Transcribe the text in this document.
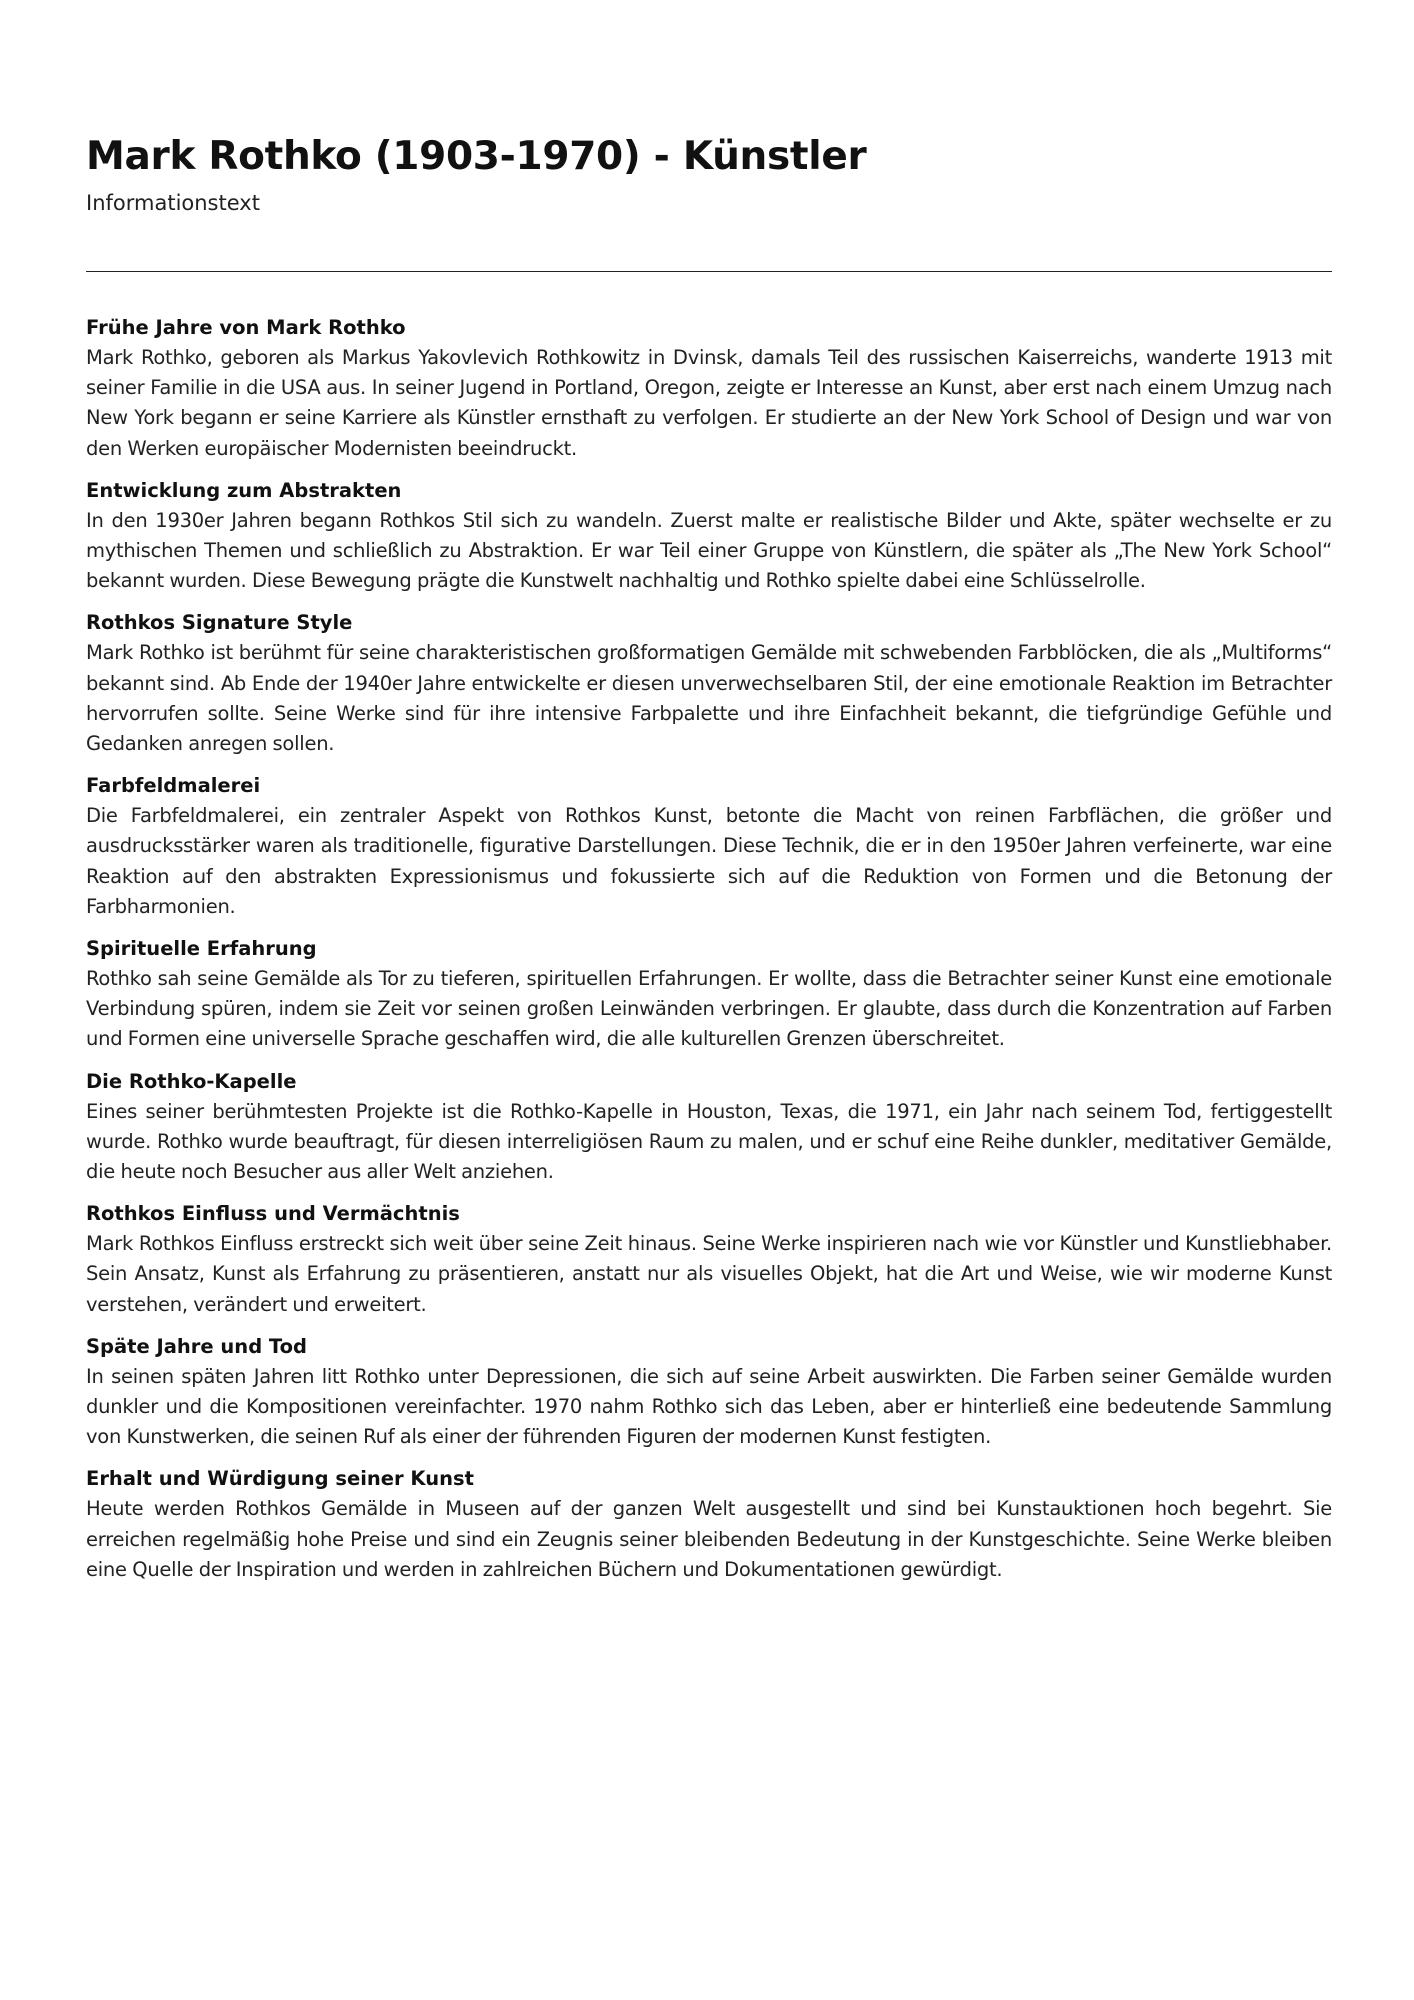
Mark Rothko (1903-1970) - Künstler
Informationstext
Frühe Jahre von Mark Rothko

Mark Rothko, geboren als Markus Yakovlevich Rothkowitz in Dvinsk, damals Teil des russischen Kaiserreichs, wanderte 1913 mit seiner Familie in die USA aus. In seiner Jugend in Portland, Oregon, zeigte er Interesse an Kunst, aber erst nach einem Umzug nach New York begann er seine Karriere als Künstler ernsthaft zu verfolgen. Er studierte an der New York School of Design und war von den Werken europäischer Modernisten beeindruckt.

Entwicklung zum Abstrakten

In den 1930er Jahren begann Rothkos Stil sich zu wandeln. Zuerst malte er realistische Bilder und Akte, später wechselte er zu mythischen Themen und schließlich zu Abstraktion. Er war Teil einer Gruppe von Künstlern, die später als „The New York School“ bekannt wurden. Diese Bewegung prägte die Kunstwelt nachhaltig und Rothko spielte dabei eine Schlüsselrolle.

Rothkos Signature Style

Mark Rothko ist berühmt für seine charakteristischen großformatigen Gemälde mit schwebenden Farbblöcken, die als „Multiforms“ bekannt sind. Ab Ende der 1940er Jahre entwickelte er diesen unverwechselbaren Stil, der eine emotionale Reaktion im Betrachter hervorrufen sollte. Seine Werke sind für ihre intensive Farbpalette und ihre Einfachheit bekannt, die tiefgründige Gefühle und Gedanken anregen sollen.

Farbfeldmalerei

Die Farbfeldmalerei, ein zentraler Aspekt von Rothkos Kunst, betonte die Macht von reinen Farbflächen, die größer und ausdrucksstärker waren als traditionelle, figurative Darstellungen. Diese Technik, die er in den 1950er Jahren verfeinerte, war eine Reaktion auf den abstrakten Expressionismus und fokussierte sich auf die Reduktion von Formen und die Betonung der Farbharmonien.

Spirituelle Erfahrung

Rothko sah seine Gemälde als Tor zu tieferen, spirituellen Erfahrungen. Er wollte, dass die Betrachter seiner Kunst eine emotionale Verbindung spüren, indem sie Zeit vor seinen großen Leinwänden verbringen. Er glaubte, dass durch die Konzentration auf Farben und Formen eine universelle Sprache geschaffen wird, die alle kulturellen Grenzen überschreitet.

Die Rothko-Kapelle

Eines seiner berühmtesten Projekte ist die Rothko-Kapelle in Houston, Texas, die 1971, ein Jahr nach seinem Tod, fertiggestellt wurde. Rothko wurde beauftragt, für diesen interreligiösen Raum zu malen, und er schuf eine Reihe dunkler, meditativer Gemälde, die heute noch Besucher aus aller Welt anziehen.

Rothkos Einfluss und Vermächtnis

Mark Rothkos Einfluss erstreckt sich weit über seine Zeit hinaus. Seine Werke inspirieren nach wie vor Künstler und Kunstliebhaber. Sein Ansatz, Kunst als Erfahrung zu präsentieren, anstatt nur als visuelles Objekt, hat die Art und Weise, wie wir moderne Kunst verstehen, verändert und erweitert.

Späte Jahre und Tod

In seinen späten Jahren litt Rothko unter Depressionen, die sich auf seine Arbeit auswirkten. Die Farben seiner Gemälde wurden dunkler und die Kompositionen vereinfachter. 1970 nahm Rothko sich das Leben, aber er hinterließ eine bedeutende Sammlung von Kunstwerken, die seinen Ruf als einer der führenden Figuren der modernen Kunst festigten.

Erhalt und Würdigung seiner Kunst

Heute werden Rothkos Gemälde in Museen auf der ganzen Welt ausgestellt und sind bei Kunstauktionen hoch begehrt. Sie erreichen regelmäßig hohe Preise und sind ein Zeugnis seiner bleibenden Bedeutung in der Kunstgeschichte. Seine Werke bleiben eine Quelle der Inspiration und werden in zahlreichen Büchern und Dokumentationen gewürdigt.
